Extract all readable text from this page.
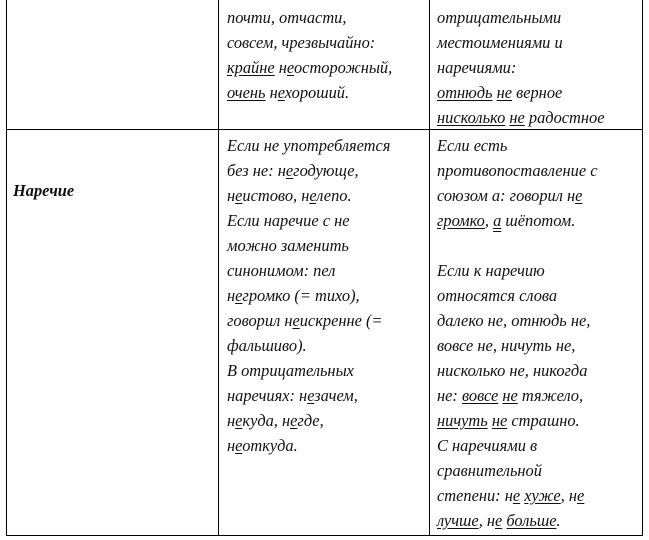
почти, отчасти,
совсем, чрезвычайно:
крайне неосторожный,
очень нехороший.
отрицательными
местоимениями и
наречиями:
отнюдь не верное
нисколько не радостное
Наречие
Если не употребляется
без не: негодующе,
неистово, нелепо.
Если наречие с не
можно заменить
синонимом: пел
негромко (= тихо),
говорил неискренне (=
фальшиво).
В отрицательных
наречиях: незачем,
некуда, негде,
неоткуда.
Если есть
противопоставление с
союзом а: говорил не
громко, а шёпотом.

Если к наречию
относятся слова
далеко не, отнюдь не,
вовсе не, ничуть не,
нисколько не, никогда
не: вовсе не тяжело,
ничуть не страшно.
С наречиями в
сравнительной
степени: не хуже, не
лучше, не больше.
